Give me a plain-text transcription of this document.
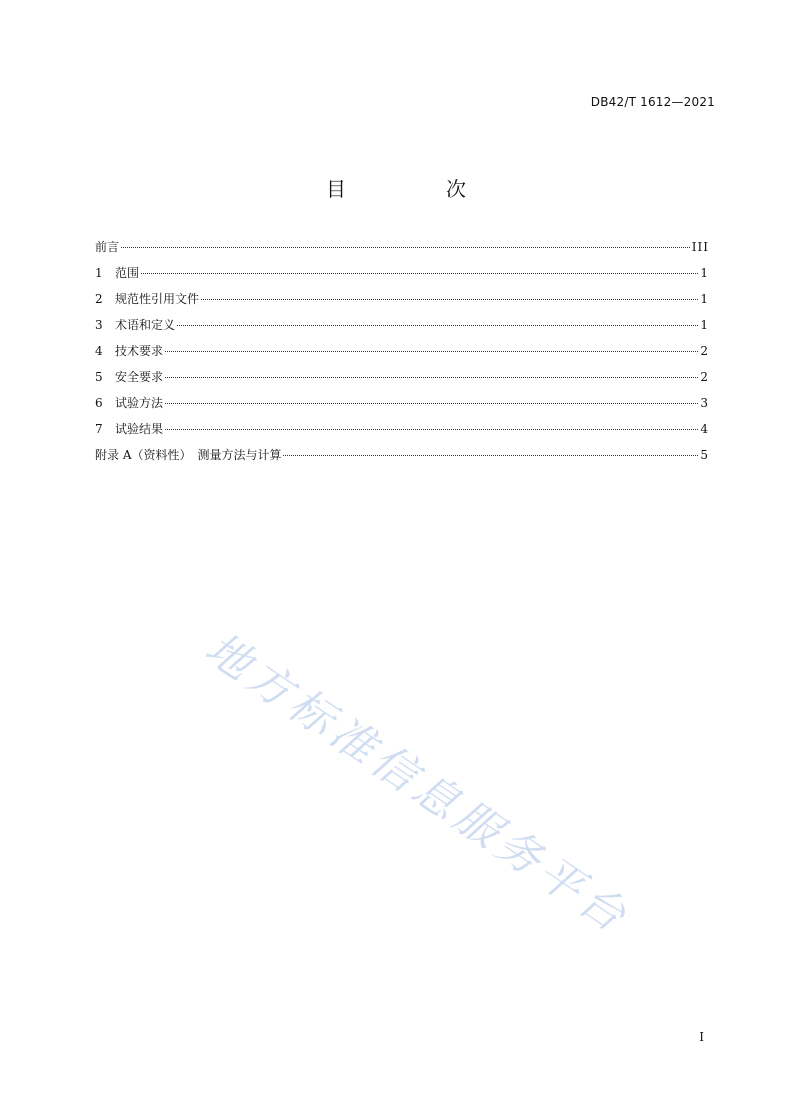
DB42/T 1612—2021
目　次
前言	III
1	范围	1
2	规范性引用文件	1
3	术语和定义	1
4	技术要求	2
5	安全要求	2
6	试验方法	3
7	试验结果	4
附录 A（资料性）　测量方法与计算	5
地方标准信息服务平台
I
